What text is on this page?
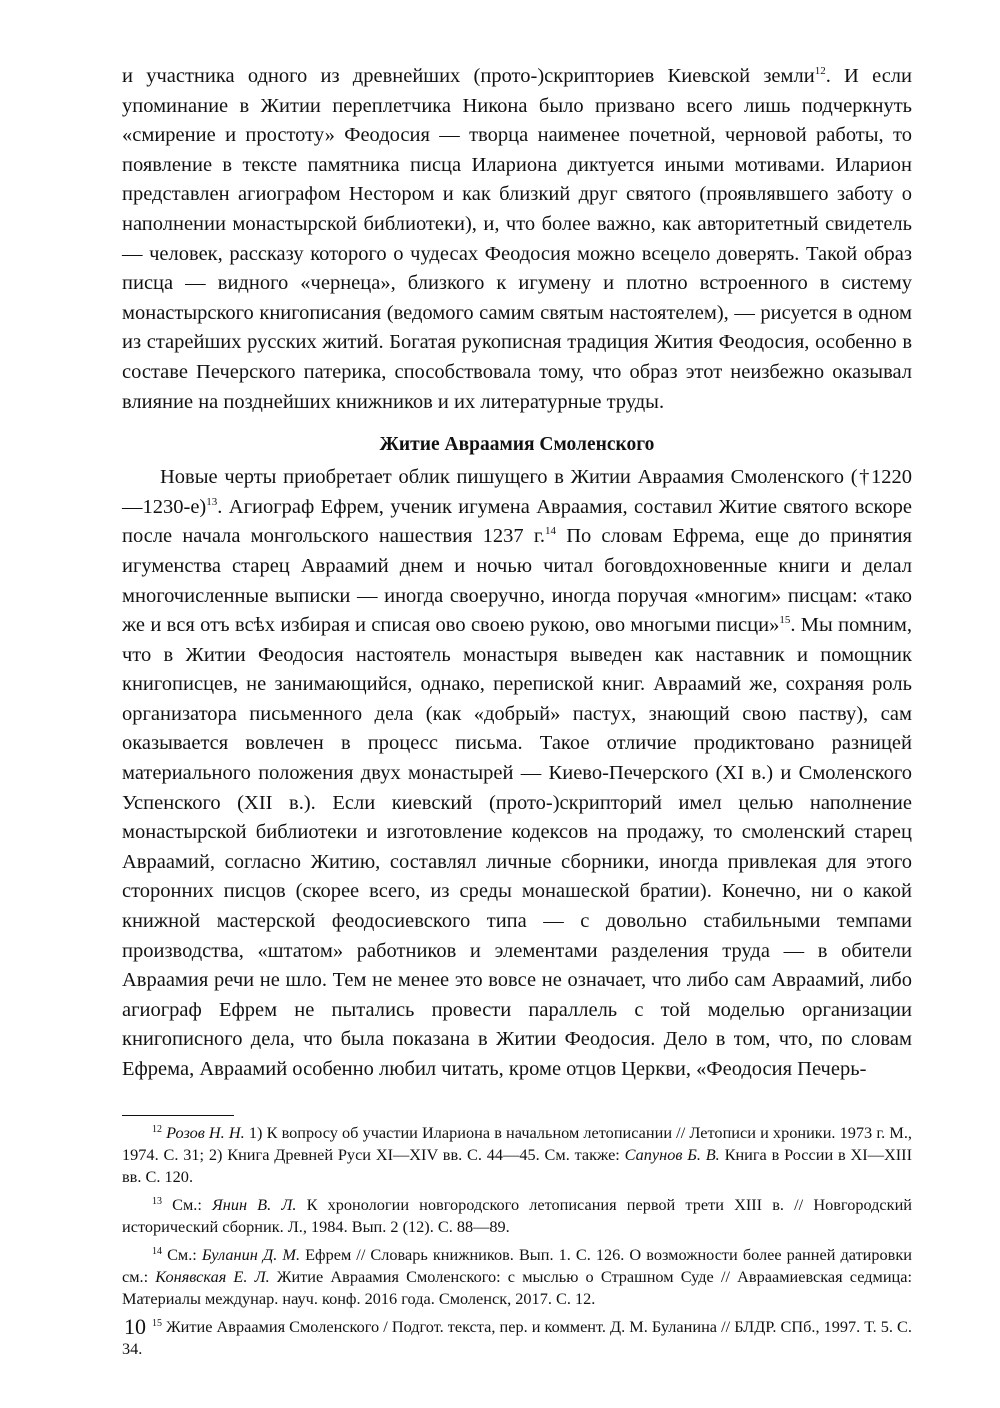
и участника одного из древнейших (прото-)скрипториев Киевской земли$^{12}$. И если упоминание в Житии переплетчика Никона было призвано всего лишь подчеркнуть «смирение и простоту» Феодосия — творца наименее почетной, черновой работы, то появление в тексте памятника писца Илариона диктуется иными мотивами. Иларион представлен агиографом Нестором и как близкий друг святого (проявлявшего заботу о наполнении монастырской библиотеки), и, что более важно, как авторитетный свидетель — человек, рассказу которого о чудесах Феодосия можно всецело доверять. Такой образ писца — видного «чернеца», близкого к игумену и плотно встроенного в систему монастырского книгописания (ведомого самим святым настоятелем), — рисуется в одном из старейших русских житий. Богатая рукописная традиция Жития Феодосия, особенно в составе Печерского патерика, способствовала тому, что образ этот неизбежно оказывал влияние на позднейших книжников и их литературные труды.

Житие Авраамия Смоленского

Новые черты приобретает облик пишущего в Житии Авраамия Смоленского (†1220—1230-е)$^{13}$. Агиограф Ефрем, ученик игумена Авраамия, составил Житие святого вскоре после начала монгольского нашествия 1237 г.$^{14}$ По словам Ефрема, еще до принятия игуменства старец Авраамий днем и ночью читал боговдохновенные книги и делал многочисленные выписки — иногда своеручно, иногда поручая «многим» писцам: «тако же и вся отъ всѣх избирая и списая ово своею рукою, ово многыми писци»$^{15}$. Мы помним, что в Житии Феодосия настоятель монастыря выведен как наставник и помощник книгописцев, не занимающийся, однако, перепиской книг. Авраамий же, сохраняя роль организатора письменного дела (как «добрый» пастух, знающий свою паству), сам оказывается вовлечен в процесс письма. Такое отличие продиктовано разницей материального положения двух монастырей — Киево-Печерского (XI в.) и Смоленского Успенского (XII в.). Если киевский (прото-)скрипторий имел целью наполнение монастырской библиотеки и изготовление кодексов на продажу, то смоленский старец Авраамий, согласно Житию, составлял личные сборники, иногда привлекая для этого сторонних писцов (скорее всего, из среды монашеской братии). Конечно, ни о какой книжной мастерской феодосиевского типа — с довольно стабильными темпами производства, «штатом» работников и элементами разделения труда — в обители Авраамия речи не шло. Тем не менее это вовсе не означает, что либо сам Авраамий, либо агиограф Ефрем не пытались провести параллель с той моделью организации книгописного дела, что была показана в Житии Феодосия. Дело в том, что, по словам Ефрема, Авраамий особенно любил читать, кроме отцов Церкви, «Феодосия Печерь-

$^{12}$ Розов Н. Н. 1) К вопросу об участии Илариона в начальном летописании // Летописи и хроники. 1973 г. М., 1974. С. 31; 2) Книга Древней Руси XI—XIV вв. С. 44—45. См. также: Сапунов Б. В. Книга в России в XI—XIII вв. С. 120.

$^{13}$ См.: Янин В. Л. К хронологии новгородского летописания первой трети XIII в. // Новгородский исторический сборник. Л., 1984. Вып. 2 (12). С. 88—89.

$^{14}$ См.: Буланин Д. М. Ефрем // Словарь книжников. Вып. 1. С. 126. О возможности более ранней датировки см.: Конявская Е. Л. Житие Авраамия Смоленского: с мыслью о Страшном Суде // Авраамиевская седмица: Материалы междунар. науч. конф. 2016 года. Смоленск, 2017. С. 12.

$^{15}$ Житие Авраамия Смоленского / Подгот. текста, пер. и коммент. Д. М. Буланина // БЛДР. СПб., 1997. Т. 5. С. 34.

10
